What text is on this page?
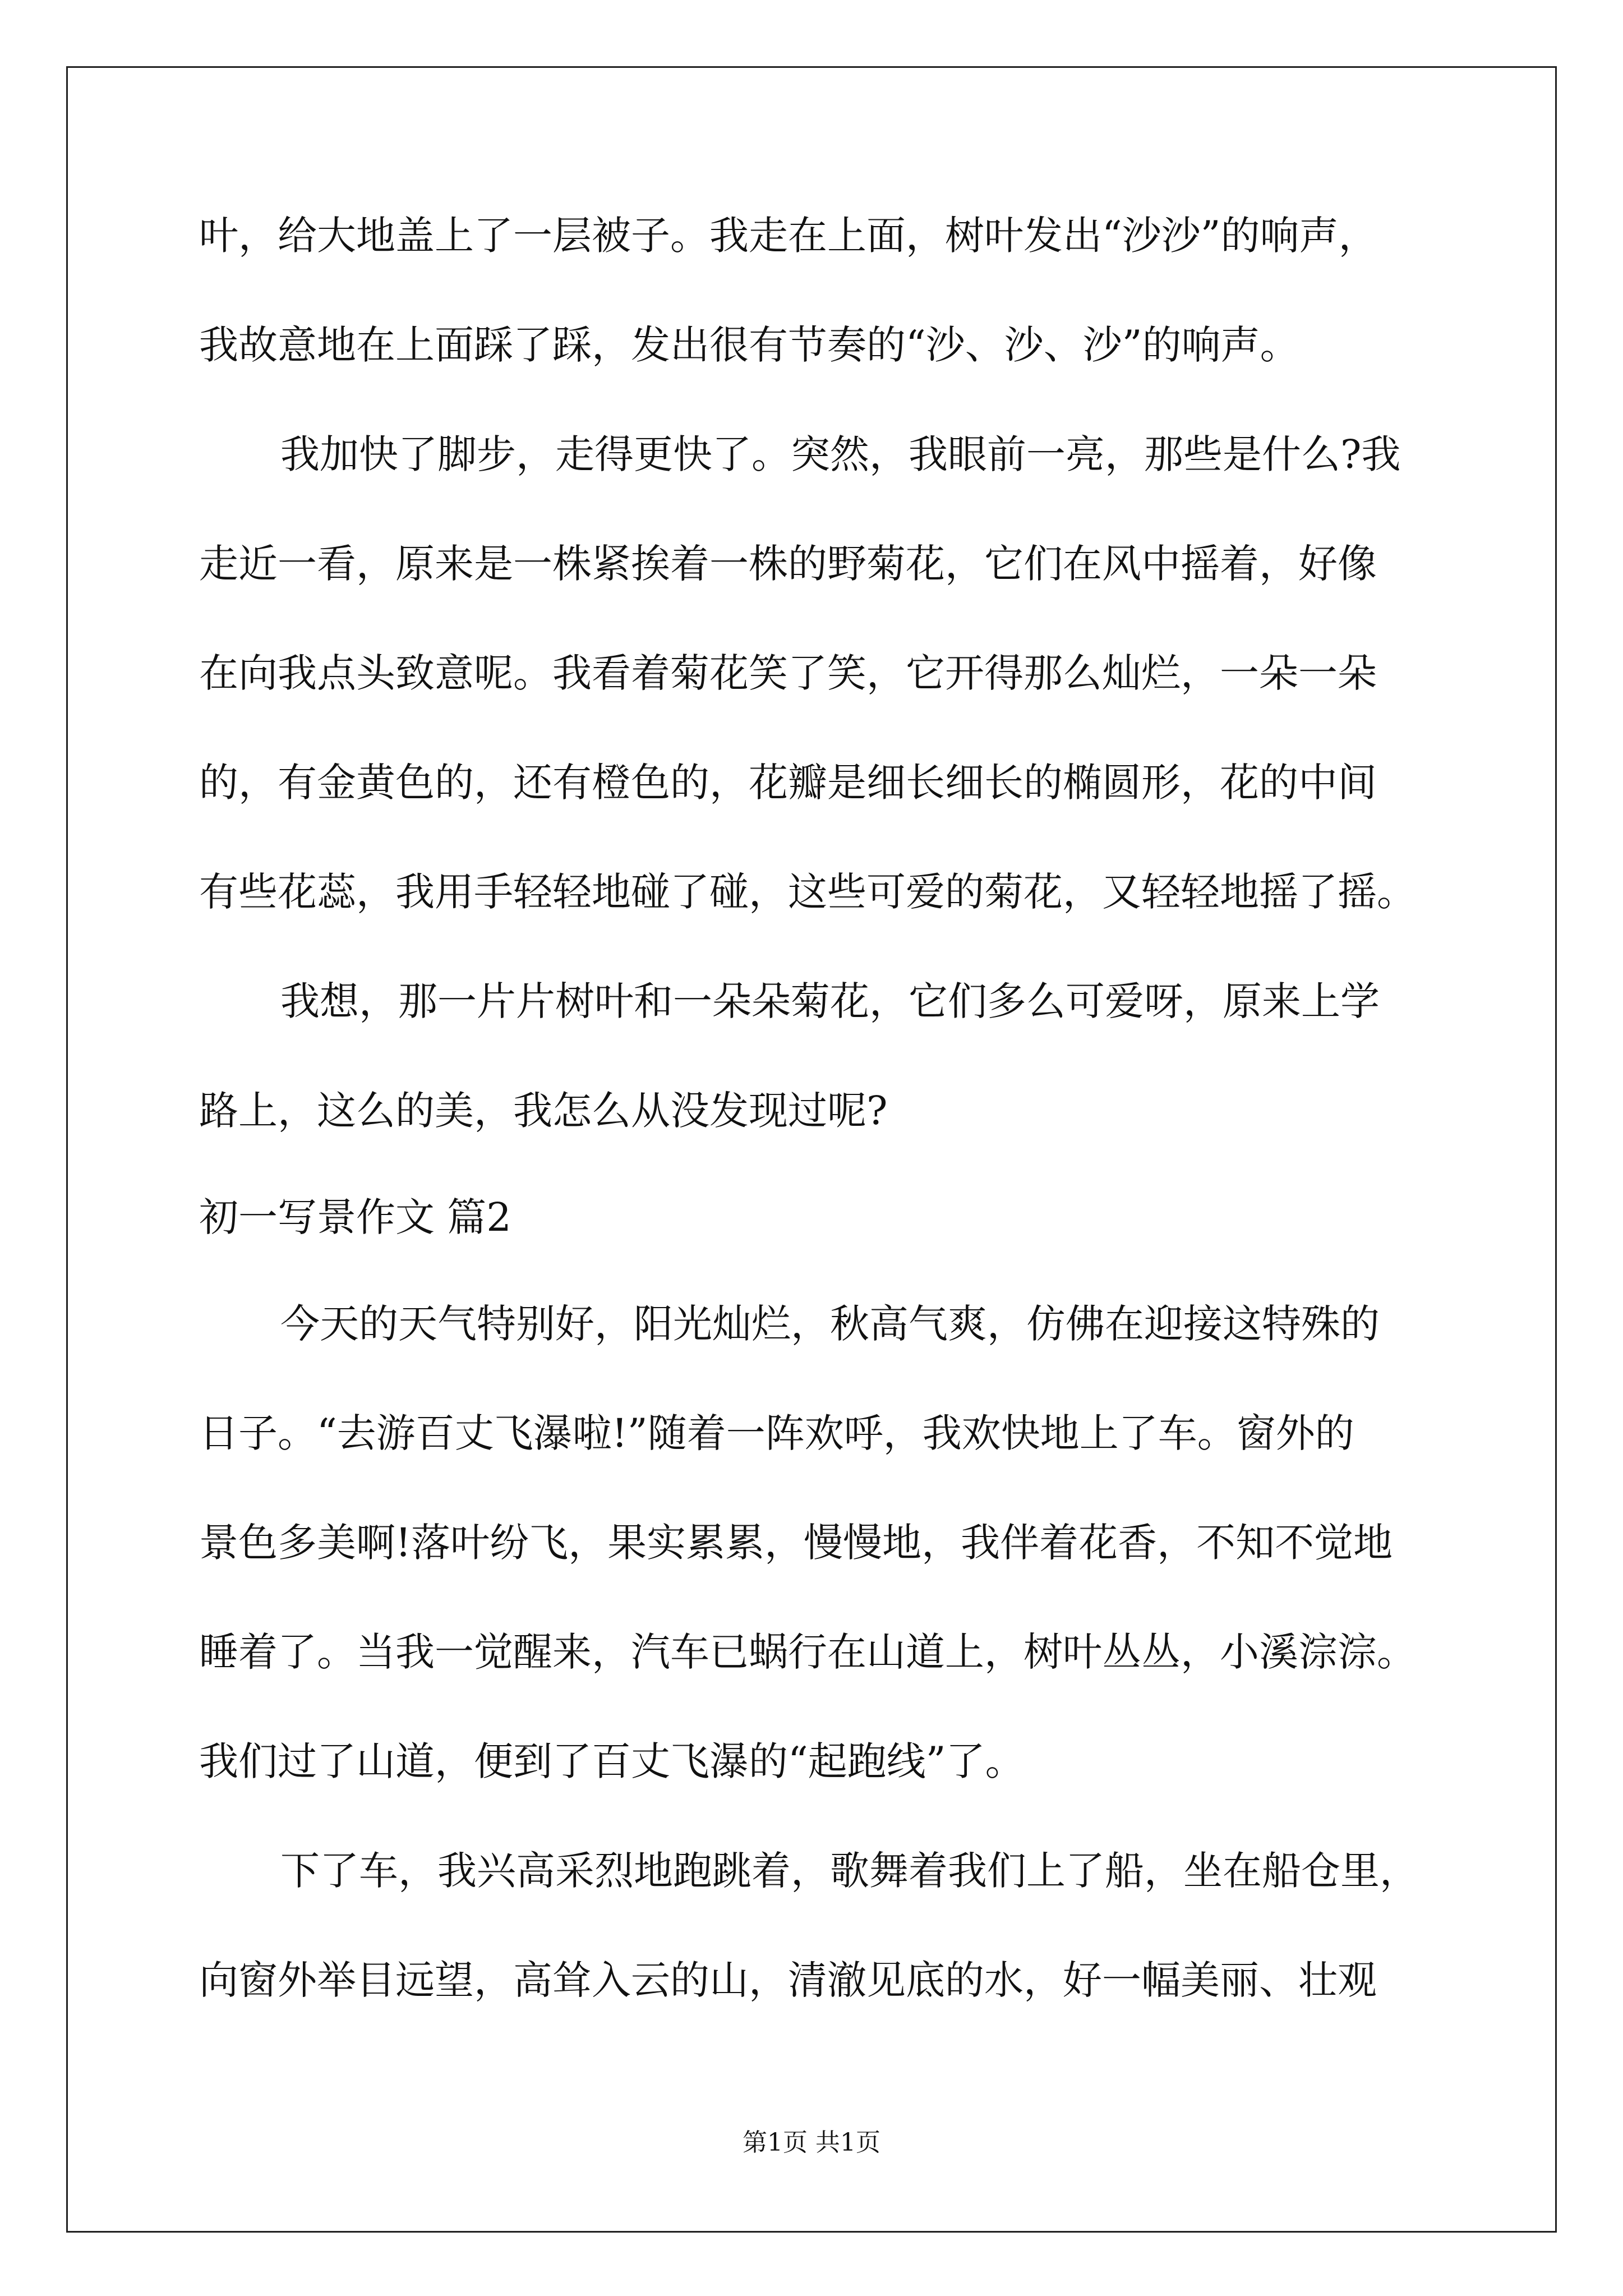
叶，给大地盖上了一层被子。我走在上面，树叶发出“沙沙”的响声，
我故意地在上面踩了踩，发出很有节奏的“沙、沙、沙”的响声。
我加快了脚步，走得更快了。突然，我眼前一亮，那些是什么?我
走近一看，原来是一株紧挨着一株的野菊花，它们在风中摇着，好像
在向我点头致意呢。我看着菊花笑了笑，它开得那么灿烂，一朵一朵
的，有金黄色的，还有橙色的，花瓣是细长细长的椭圆形，花的中间
有些花蕊，我用手轻轻地碰了碰，这些可爱的菊花，又轻轻地摇了摇。
我想，那一片片树叶和一朵朵菊花，它们多么可爱呀，原来上学
路上，这么的美，我怎么从没发现过呢?
初一写景作文 篇2
今天的天气特别好，阳光灿烂，秋高气爽，仿佛在迎接这特殊的
日子。“去游百丈飞瀑啦!”随着一阵欢呼，我欢快地上了车。窗外的
景色多美啊!落叶纷飞，果实累累，慢慢地，我伴着花香，不知不觉地
睡着了。当我一觉醒来，汽车已蜗行在山道上，树叶丛丛，小溪淙淙。
我们过了山道，便到了百丈飞瀑的“起跑线”了。
下了车，我兴高采烈地跑跳着，歌舞着我们上了船，坐在船仓里，
向窗外举目远望，高耸入云的山，清澈见底的水，好一幅美丽、壮观
第1页 共1页
